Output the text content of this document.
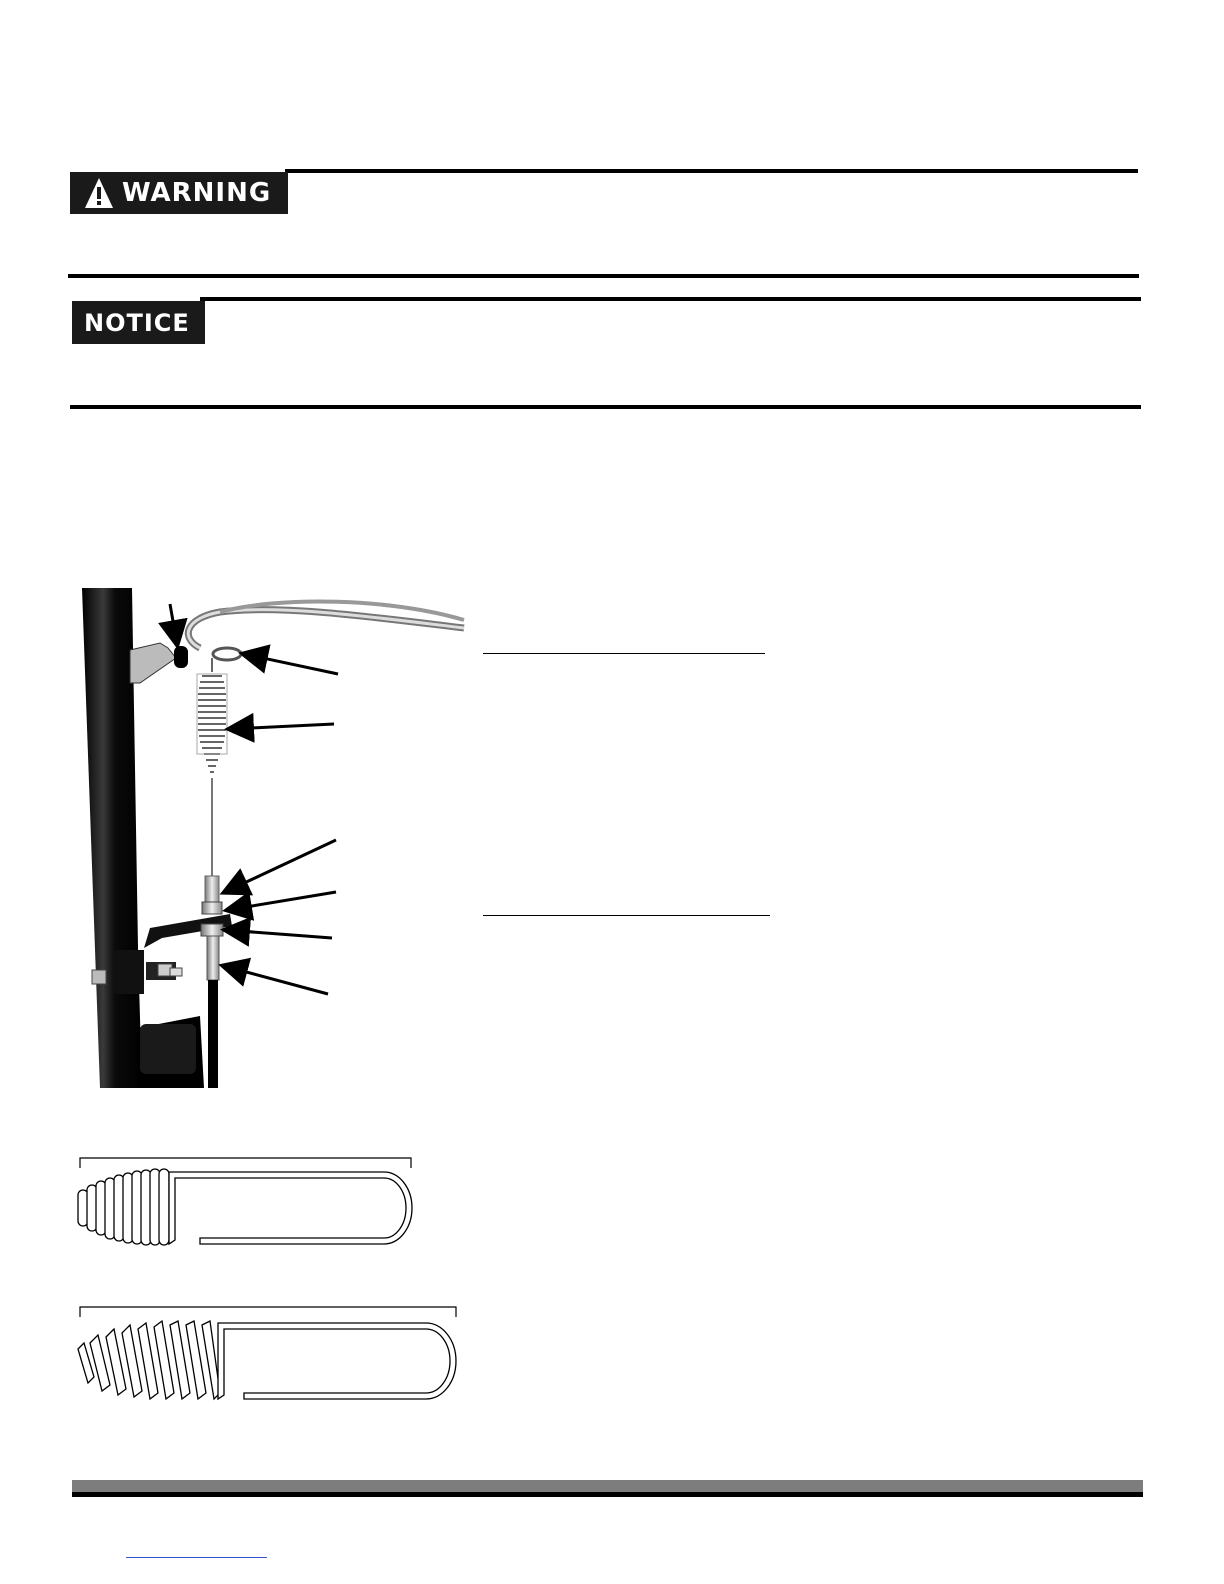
WARNING
NOTICE
